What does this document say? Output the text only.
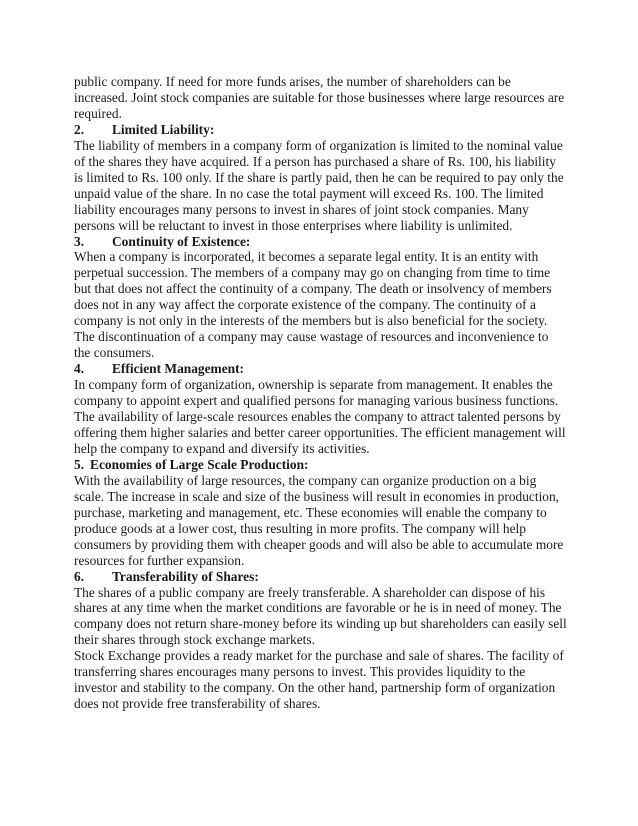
public company. If need for more funds arises, the number of shareholders can be increased. Joint stock companies are suitable for those businesses where large resources are required.

2.	Limited Liability:

The liability of members in a company form of organization is limited to the nominal value of the shares they have acquired. If a person has purchased a share of Rs. 100, his liability is limited to Rs. 100 only. If the share is partly paid, then he can be required to pay only the unpaid value of the share. In no case the total payment will exceed Rs. 100. The limited liability encourages many persons to invest in shares of joint stock companies. Many persons will be reluctant to invest in those enterprises where liability is unlimited.

3.	Continuity of Existence:

When a company is incorporated, it becomes a separate legal entity. It is an entity with perpetual succession. The members of a company may go on changing from time to time but that does not affect the continuity of a company. The death or insolvency of members does not in any way affect the corporate existence of the company. The continuity of a company is not only in the interests of the members but is also beneficial for the society. The discontinuation of a company may cause wastage of resources and inconvenience to the consumers.

4.	Efficient Management:

In company form of organization, ownership is separate from management. It enables the company to appoint expert and qualified persons for managing various business functions. The availability of large-scale resources enables the company to attract talented persons by offering them higher salaries and better career opportunities. The efficient management will help the company to expand and diversify its activities.

5. Economies of Large Scale Production:

With the availability of large resources, the company can organize production on a big scale. The increase in scale and size of the business will result in economies in production, purchase, marketing and management, etc. These economies will enable the company to produce goods at a lower cost, thus resulting in more profits. The company will help consumers by providing them with cheaper goods and will also be able to accumulate more resources for further expansion.

6.	Transferability of Shares:

The shares of a public company are freely transferable. A shareholder can dispose of his shares at any time when the market conditions are favorable or he is in need of money. The company does not return share-money before its winding up but shareholders can easily sell their shares through stock exchange markets.

Stock Exchange provides a ready market for the purchase and sale of shares. The facility of transferring shares encourages many persons to invest. This provides liquidity to the investor and stability to the company. On the other hand, partnership form of organization does not provide free transferability of shares.
